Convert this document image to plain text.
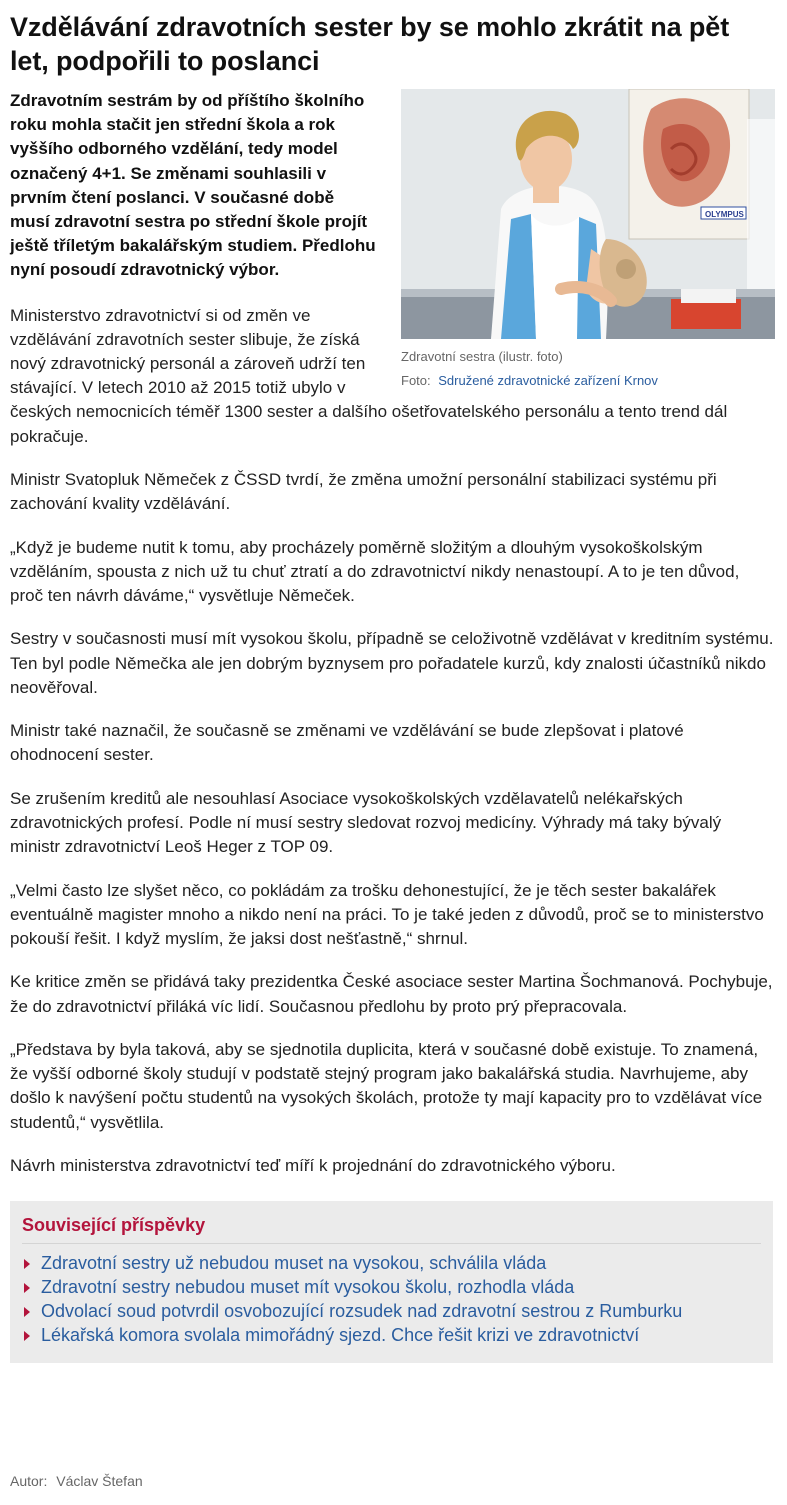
Vzdělávání zdravotních sester by se mohlo zkrátit na pět let, podpořili to poslanci
OLYMPUS
Zdravotní sestra (ilustr. foto)
Foto: Sdružené zdravotnické zařízení Krnov

Zdravotním sestrám by od příštího školního roku mohla stačit jen střední škola a rok vyššího odborného vzdělání, tedy model označený 4+1. Se změnami souhlasili v prvním čtení poslanci. V současné době musí zdravotní sestra po střední škole projít ještě tříletým bakalářským studiem. Předlohu nyní posoudí zdravotnický výbor.

Ministerstvo zdravotnictví si od změn ve vzdělávání zdravotních sester slibuje, že získá nový zdravotnický personál a zároveň udrží ten stávající. V letech 2010 až 2015 totiž ubylo v českých nemocnicích téměř 1300 sester a dalšího ošetřovatelského personálu a tento trend dál pokračuje.

Ministr Svatopluk Němeček z ČSSD tvrdí, že změna umožní personální stabilizaci systému při zachování kvality vzdělávání.

„Když je budeme nutit k tomu, aby procházely poměrně složitým a dlouhým vysokoškolským vzděláním, spousta z nich už tu chuť ztratí a do zdravotnictví nikdy nenastoupí. A to je ten důvod, proč ten návrh dáváme,“ vysvětluje Němeček.

Sestry v současnosti musí mít vysokou školu, případně se celoživotně vzdělávat v kreditním systému. Ten byl podle Němečka ale jen dobrým byznysem pro pořadatele kurzů, kdy znalosti účastníků nikdo neověřoval.

Ministr také naznačil, že současně se změnami ve vzdělávání se bude zlepšovat i platové ohodnocení sester.

Se zrušením kreditů ale nesouhlasí Asociace vysokoškolských vzdělavatelů nelékařských zdravotnických profesí. Podle ní musí sestry sledovat rozvoj medicíny. Výhrady má taky bývalý ministr zdravotnictví Leoš Heger z TOP 09.

„Velmi často lze slyšet něco, co pokládám za trošku dehonestující, že je těch sester bakalářek eventuálně magister mnoho a nikdo není na práci. To je také jeden z důvodů, proč se to ministerstvo pokouší řešit. I když myslím, že jaksi dost nešťastně,“ shrnul.

Ke kritice změn se přidává taky prezidentka České asociace sester Martina Šochmanová. Pochybuje, že do zdravotnictví přiláká víc lidí. Současnou předlohu by proto prý přepracovala.

„Představa by byla taková, aby se sjednotila duplicita, která v současné době existuje. To znamená, že vyšší odborné školy studují v podstatě stejný program jako bakalářská studia. Navrhujeme, aby došlo k navýšení počtu studentů na vysokých školách, protože ty mají kapacity pro to vzdělávat více studentů,“ vysvětlila.

Návrh ministerstva zdravotnictví teď míří k projednání do zdravotnického výboru.

Související příspěvky
Zdravotní sestry už nebudou muset na vysokou, schválila vláda
Zdravotní sestry nebudou muset mít vysokou školu, rozhodla vláda
Odvolací soud potvrdil osvobozující rozsudek nad zdravotní sestrou z Rumburku
Lékařská komora svolala mimořádný sjezd. Chce řešit krizi ve zdravotnictví
Autor: Václav Štefan
